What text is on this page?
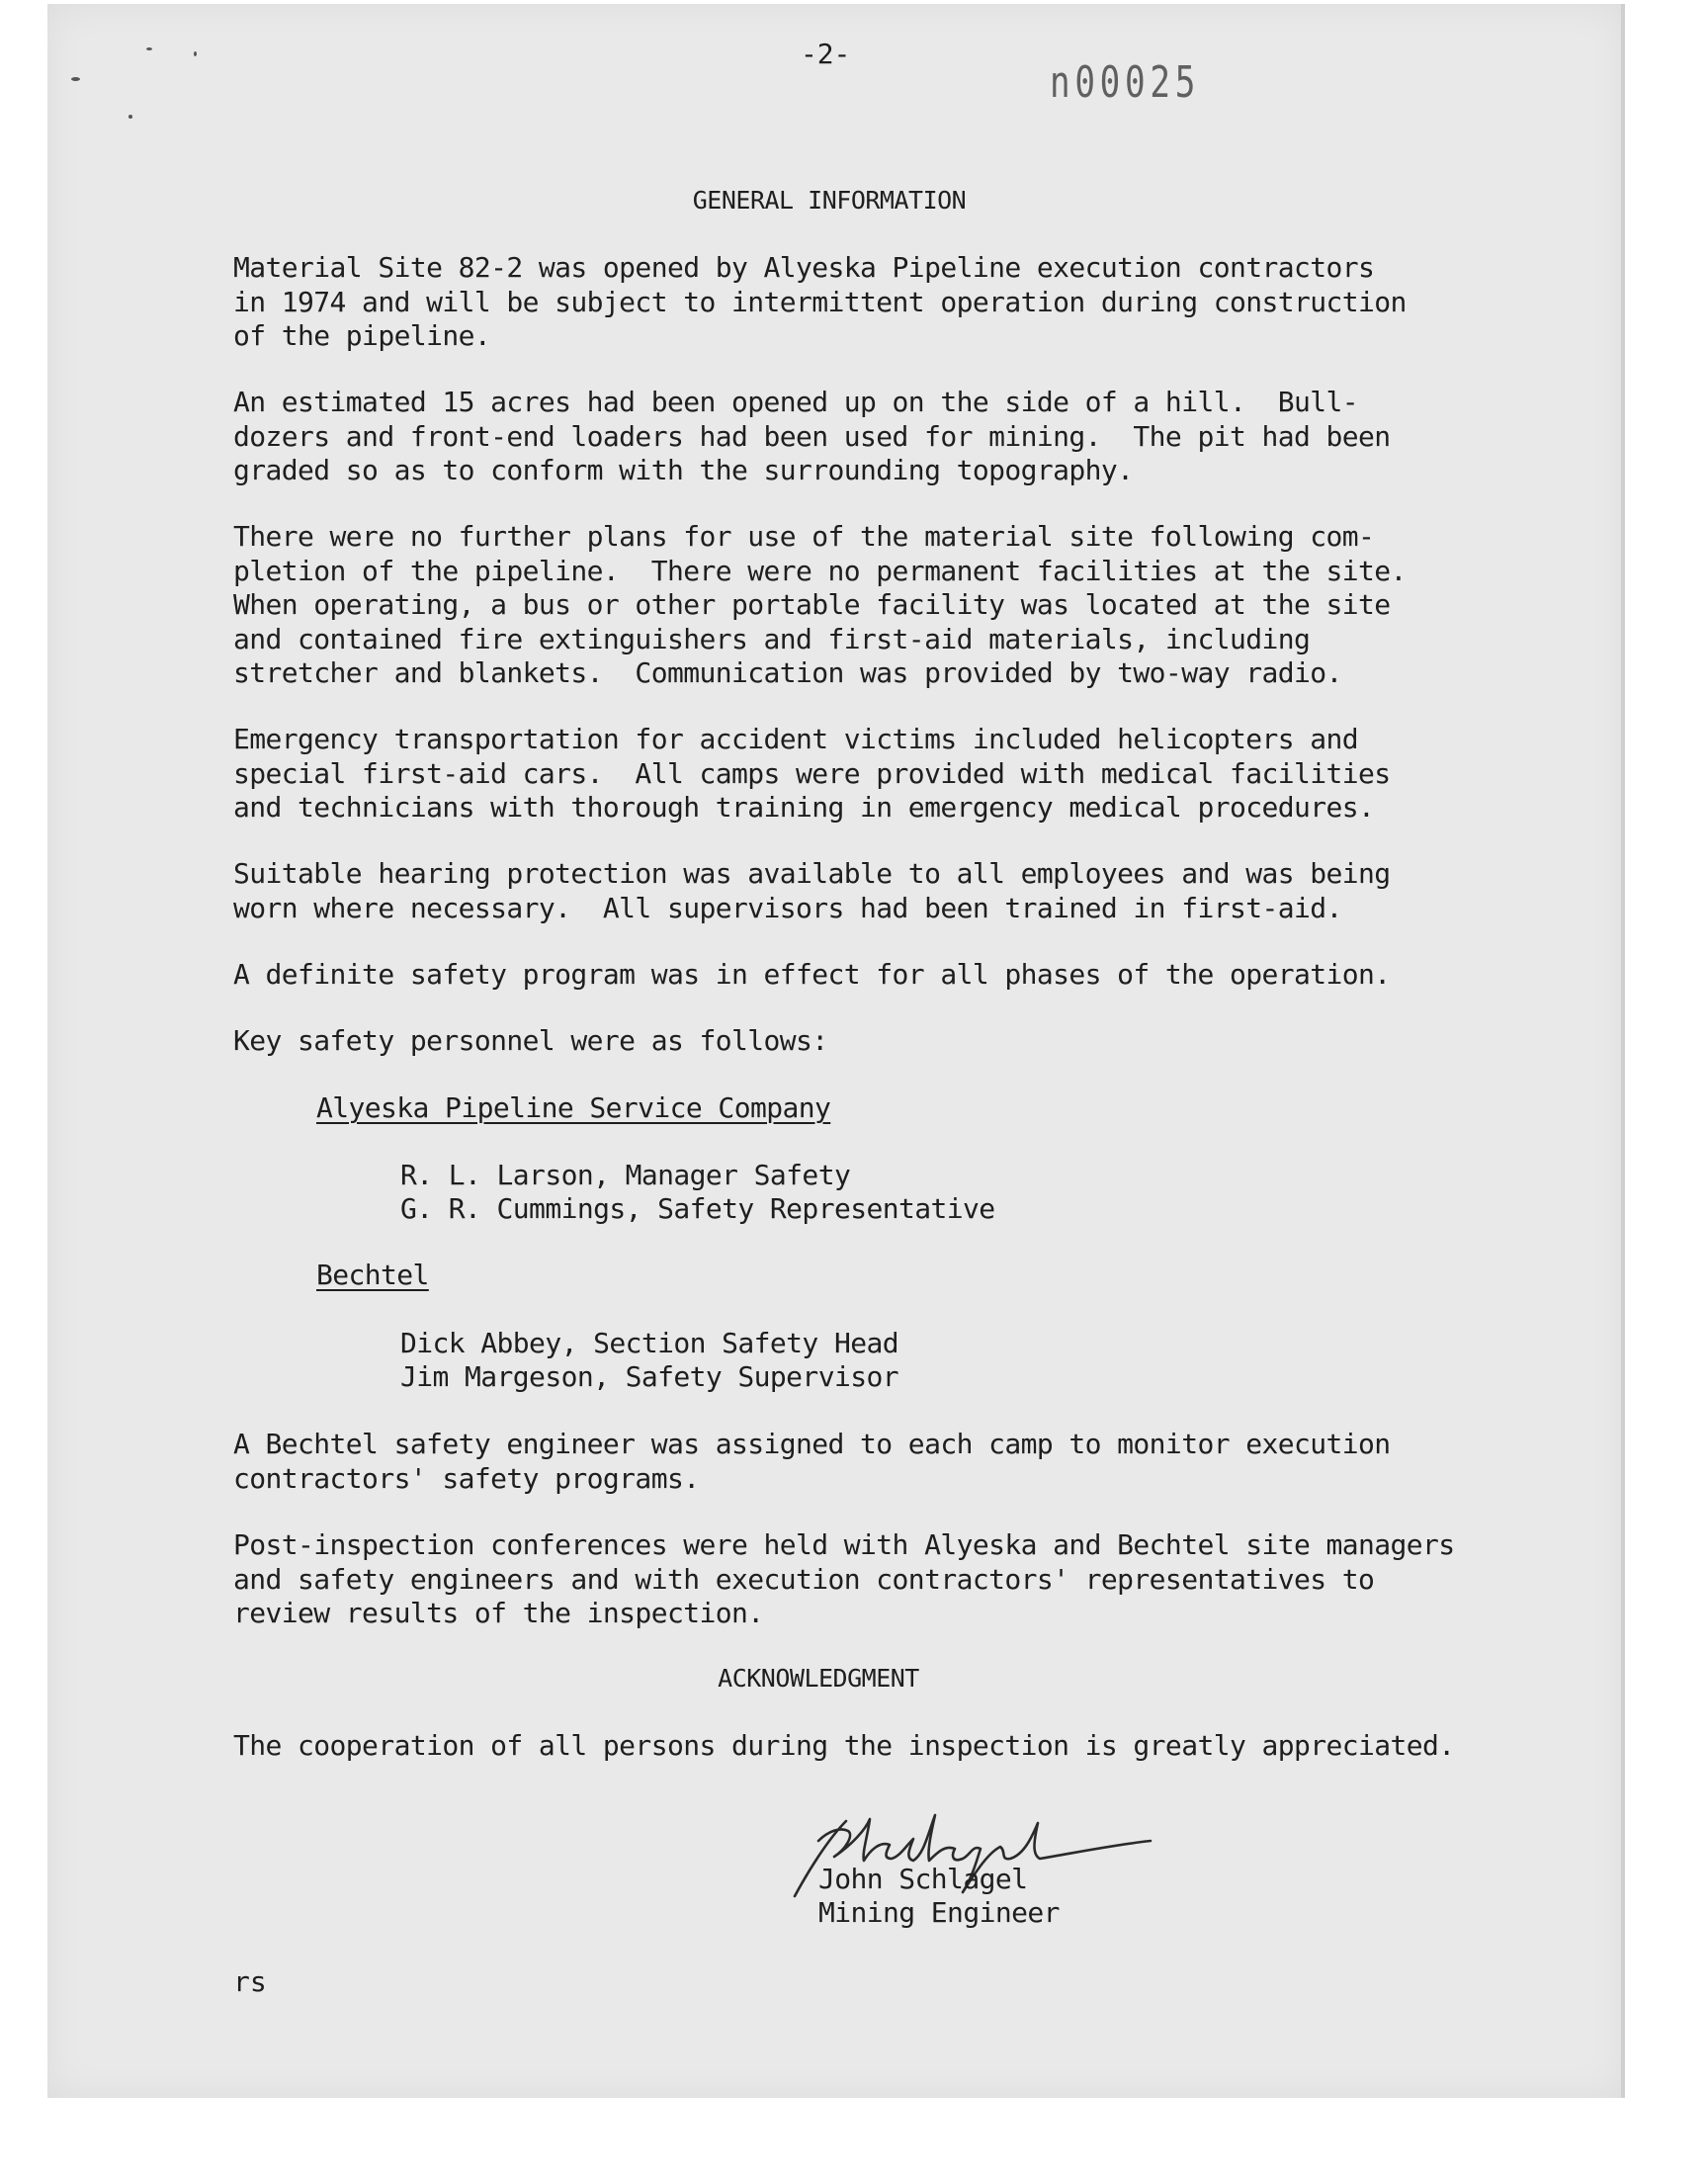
-2-
n00025
GENERAL INFORMATION
Material Site 82-2 was opened by Alyeska Pipeline execution contractors
in 1974 and will be subject to intermittent operation during construction
of the pipeline.
An estimated 15 acres had been opened up on the side of a hill.  Bull-
dozers and front-end loaders had been used for mining.  The pit had been
graded so as to conform with the surrounding topography.
There were no further plans for use of the material site following com-
pletion of the pipeline.  There were no permanent facilities at the site.
When operating, a bus or other portable facility was located at the site
and contained fire extinguishers and first-aid materials, including
stretcher and blankets.  Communication was provided by two-way radio.
Emergency transportation for accident victims included helicopters and
special first-aid cars.  All camps were provided with medical facilities
and technicians with thorough training in emergency medical procedures.
Suitable hearing protection was available to all employees and was being
worn where necessary.  All supervisors had been trained in first-aid.
A definite safety program was in effect for all phases of the operation.
Key safety personnel were as follows:
Alyeska Pipeline Service Company
R. L. Larson, Manager Safety
G. R. Cummings, Safety Representative
Bechtel
Dick Abbey, Section Safety Head
Jim Margeson, Safety Supervisor
A Bechtel safety engineer was assigned to each camp to monitor execution
contractors' safety programs.
Post-inspection conferences were held with Alyeska and Bechtel site managers
and safety engineers and with execution contractors' representatives to
review results of the inspection.
ACKNOWLEDGMENT
The cooperation of all persons during the inspection is greatly appreciated.
John Schlagel
Mining Engineer
rs
